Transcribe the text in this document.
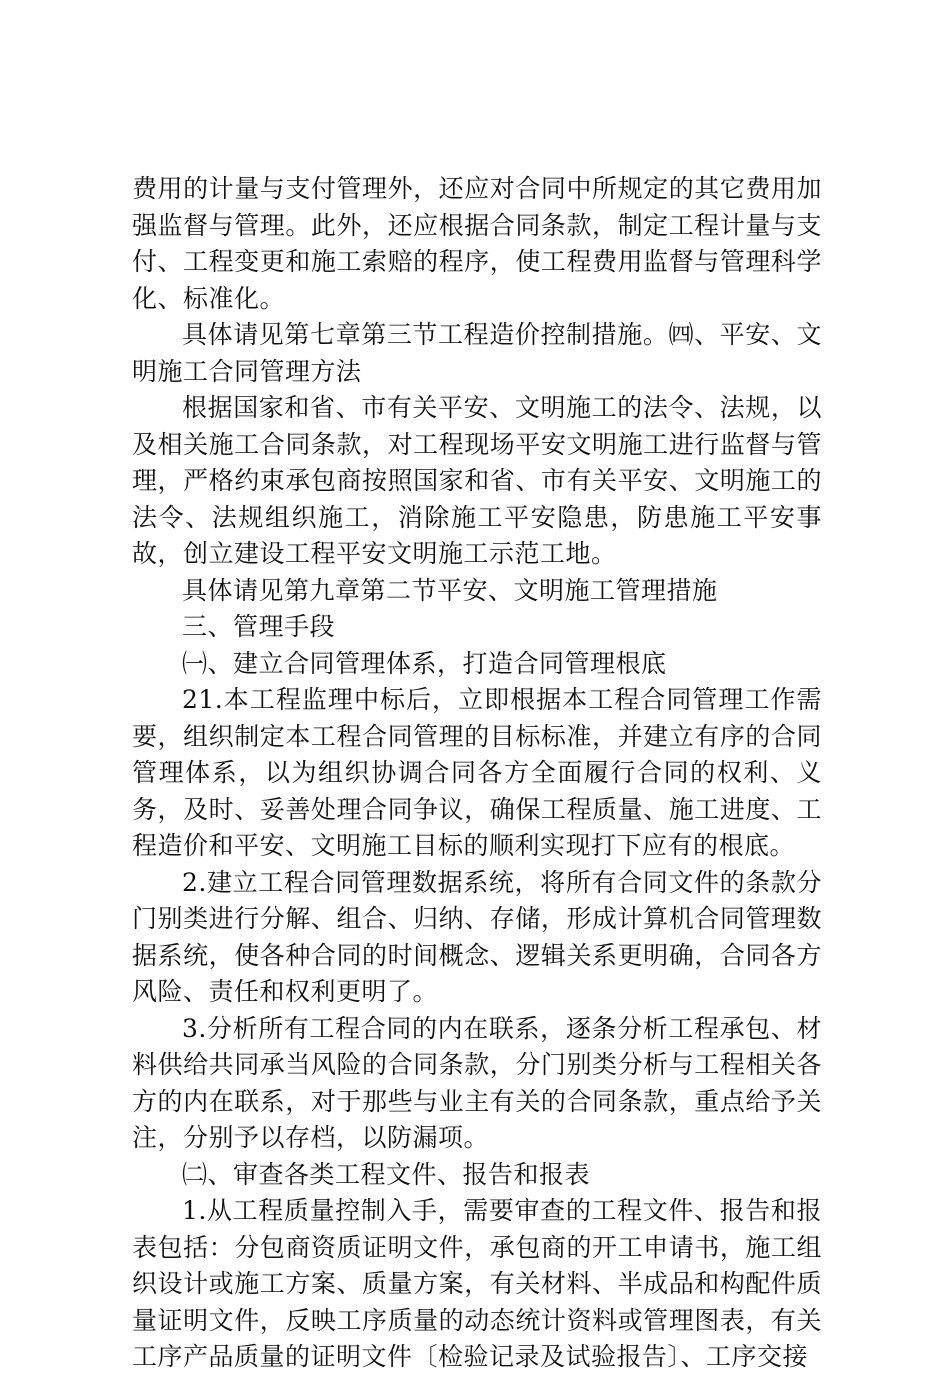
费用的计量与支付管理外，还应对合同中所规定的其它费用加强监督与管理。此外，还应根据合同条款，制定工程计量与支付、工程变更和施工索赔的程序，使工程费用监督与管理科学化、标准化。

具体请见第七章第三节工程造价控制措施。㈣、平安、文明施工合同管理方法

根据国家和省、市有关平安、文明施工的法令、法规，以及相关施工合同条款，对工程现场平安文明施工进行监督与管理，严格约束承包商按照国家和省、市有关平安、文明施工的法令、法规组织施工，消除施工平安隐患，防患施工平安事故，创立建设工程平安文明施工示范工地。

具体请见第九章第二节平安、文明施工管理措施

三、管理手段

㈠、建立合同管理体系，打造合同管理根底

21.本工程监理中标后，立即根据本工程合同管理工作需要，组织制定本工程合同管理的目标标准，并建立有序的合同管理体系，以为组织协调合同各方全面履行合同的权利、义务，及时、妥善处理合同争议，确保工程质量、施工进度、工程造价和平安、文明施工目标的顺利实现打下应有的根底。

2.建立工程合同管理数据系统，将所有合同文件的条款分门别类进行分解、组合、归纳、存储，形成计算机合同管理数据系统，使各种合同的时间概念、逻辑关系更明确，合同各方风险、责任和权利更明了。

3.分析所有工程合同的内在联系，逐条分析工程承包、材料供给共同承当风险的合同条款，分门别类分析与工程相关各方的内在联系，对于那些与业主有关的合同条款，重点给予关注，分别予以存档，以防漏项。

㈡、审查各类工程文件、报告和报表

1.从工程质量控制入手，需要审查的工程文件、报告和报表包括：分包商资质证明文件，承包商的开工申请书，施工组织设计或施工方案、质量方案，有关材料、半成品和构配件质量证明文件，反映工序质量的动态统计资料或管理图表，有关工序产品质量的证明文件〔检验记录及试验报告〕、工序交接
